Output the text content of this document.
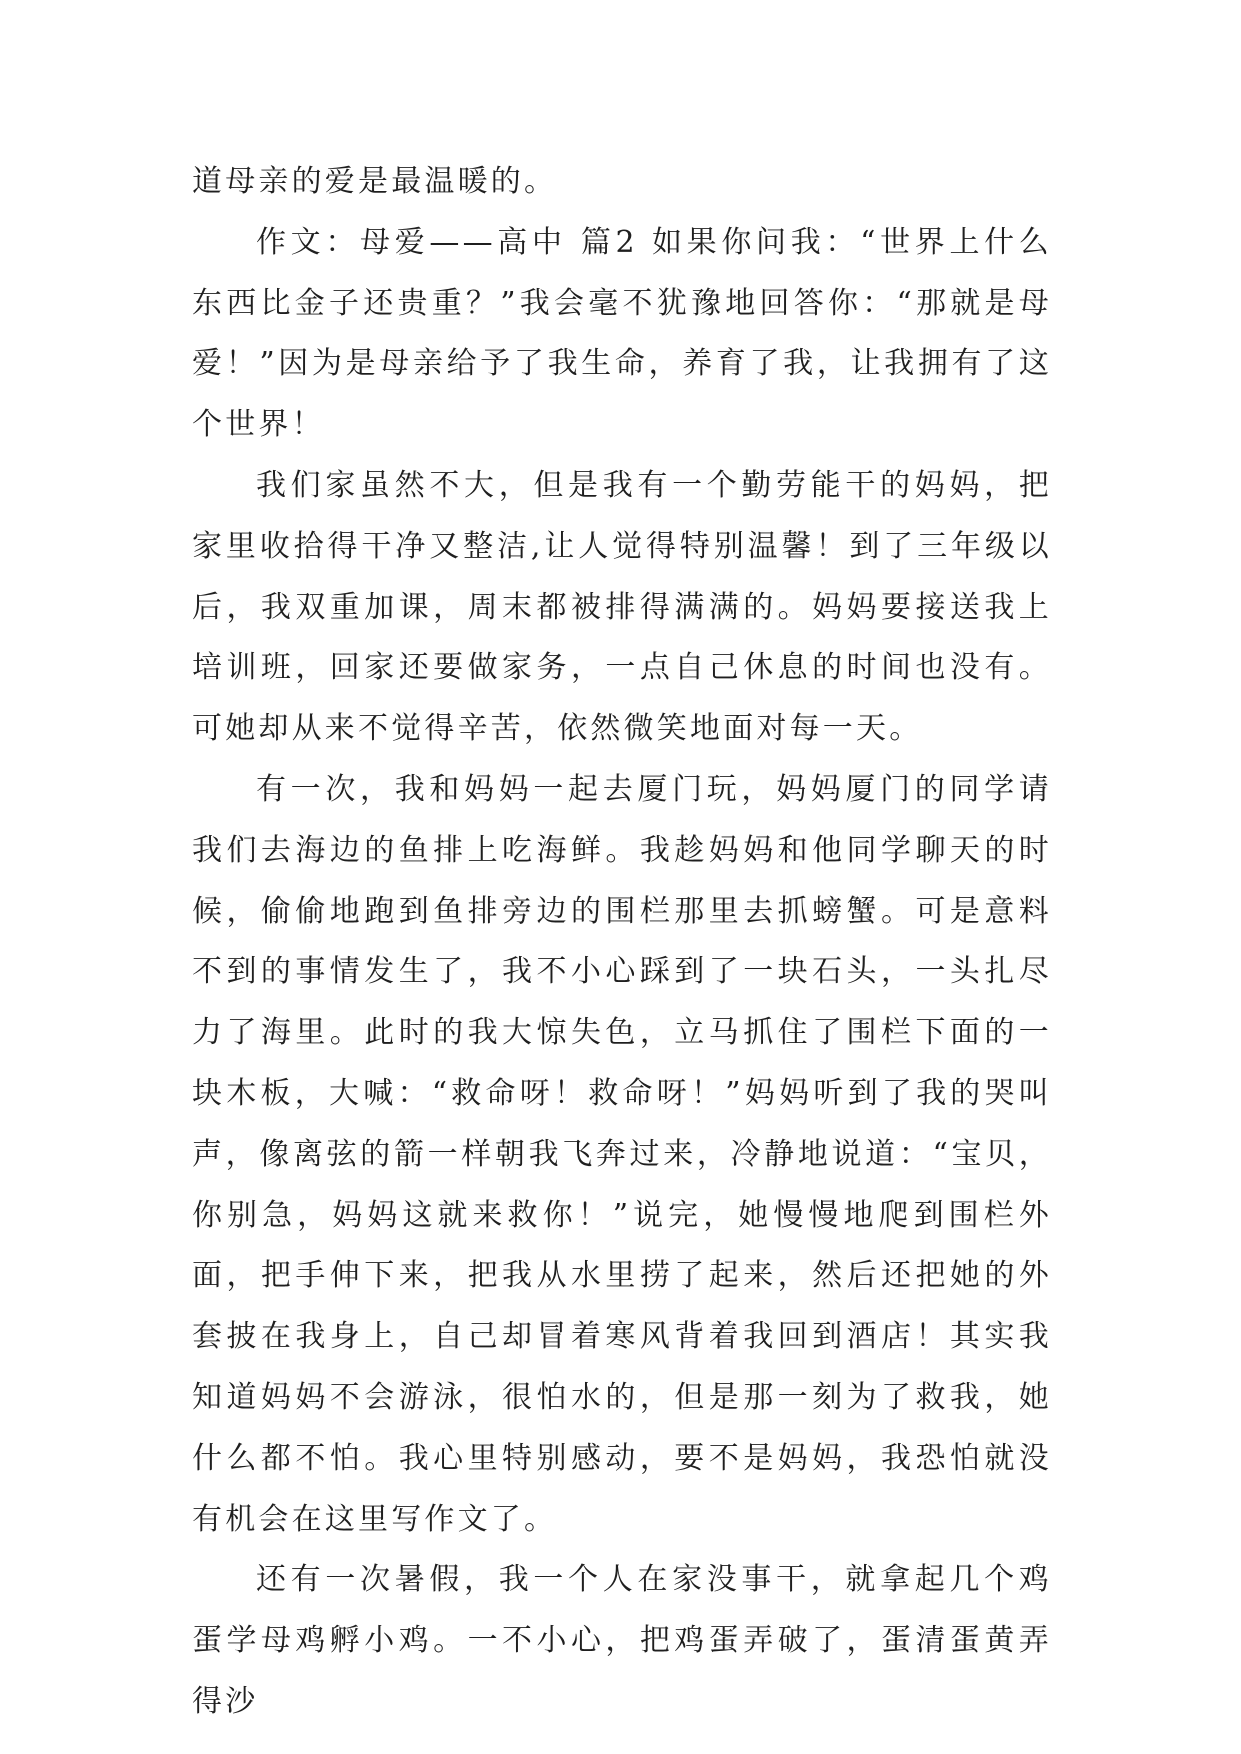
道母亲的爱是最温暖的。

作文：母爱——高中 篇2 如果你问我：“世界上什么东西比金子还贵重？”我会毫不犹豫地回答你：“那就是母爱！”因为是母亲给予了我生命，养育了我，让我拥有了这个世界！

我们家虽然不大，但是我有一个勤劳能干的妈妈，把家里收拾得干净又整洁,让人觉得特别温馨！到了三年级以后，我双重加课，周末都被排得满满的。妈妈要接送我上培训班，回家还要做家务，一点自己休息的时间也没有。可她却从来不觉得辛苦，依然微笑地面对每一天。

有一次，我和妈妈一起去厦门玩，妈妈厦门的同学请我们去海边的鱼排上吃海鲜。我趁妈妈和他同学聊天的时候，偷偷地跑到鱼排旁边的围栏那里去抓螃蟹。可是意料不到的事情发生了，我不小心踩到了一块石头，一头扎尽力了海里。此时的我大惊失色，立马抓住了围栏下面的一块木板，大喊：“救命呀！救命呀！”妈妈听到了我的哭叫声，像离弦的箭一样朝我飞奔过来，冷静地说道：“宝贝，你别急，妈妈这就来救你！”说完，她慢慢地爬到围栏外面，把手伸下来，把我从水里捞了起来，然后还把她的外套披在我身上，自己却冒着寒风背着我回到酒店！其实我知道妈妈不会游泳，很怕水的，但是那一刻为了救我，她什么都不怕。我心里特别感动，要不是妈妈，我恐怕就没有机会在这里写作文了。

还有一次暑假，我一个人在家没事干，就拿起几个鸡蛋学母鸡孵小鸡。一不小心，把鸡蛋弄破了，蛋清蛋黄弄得沙
